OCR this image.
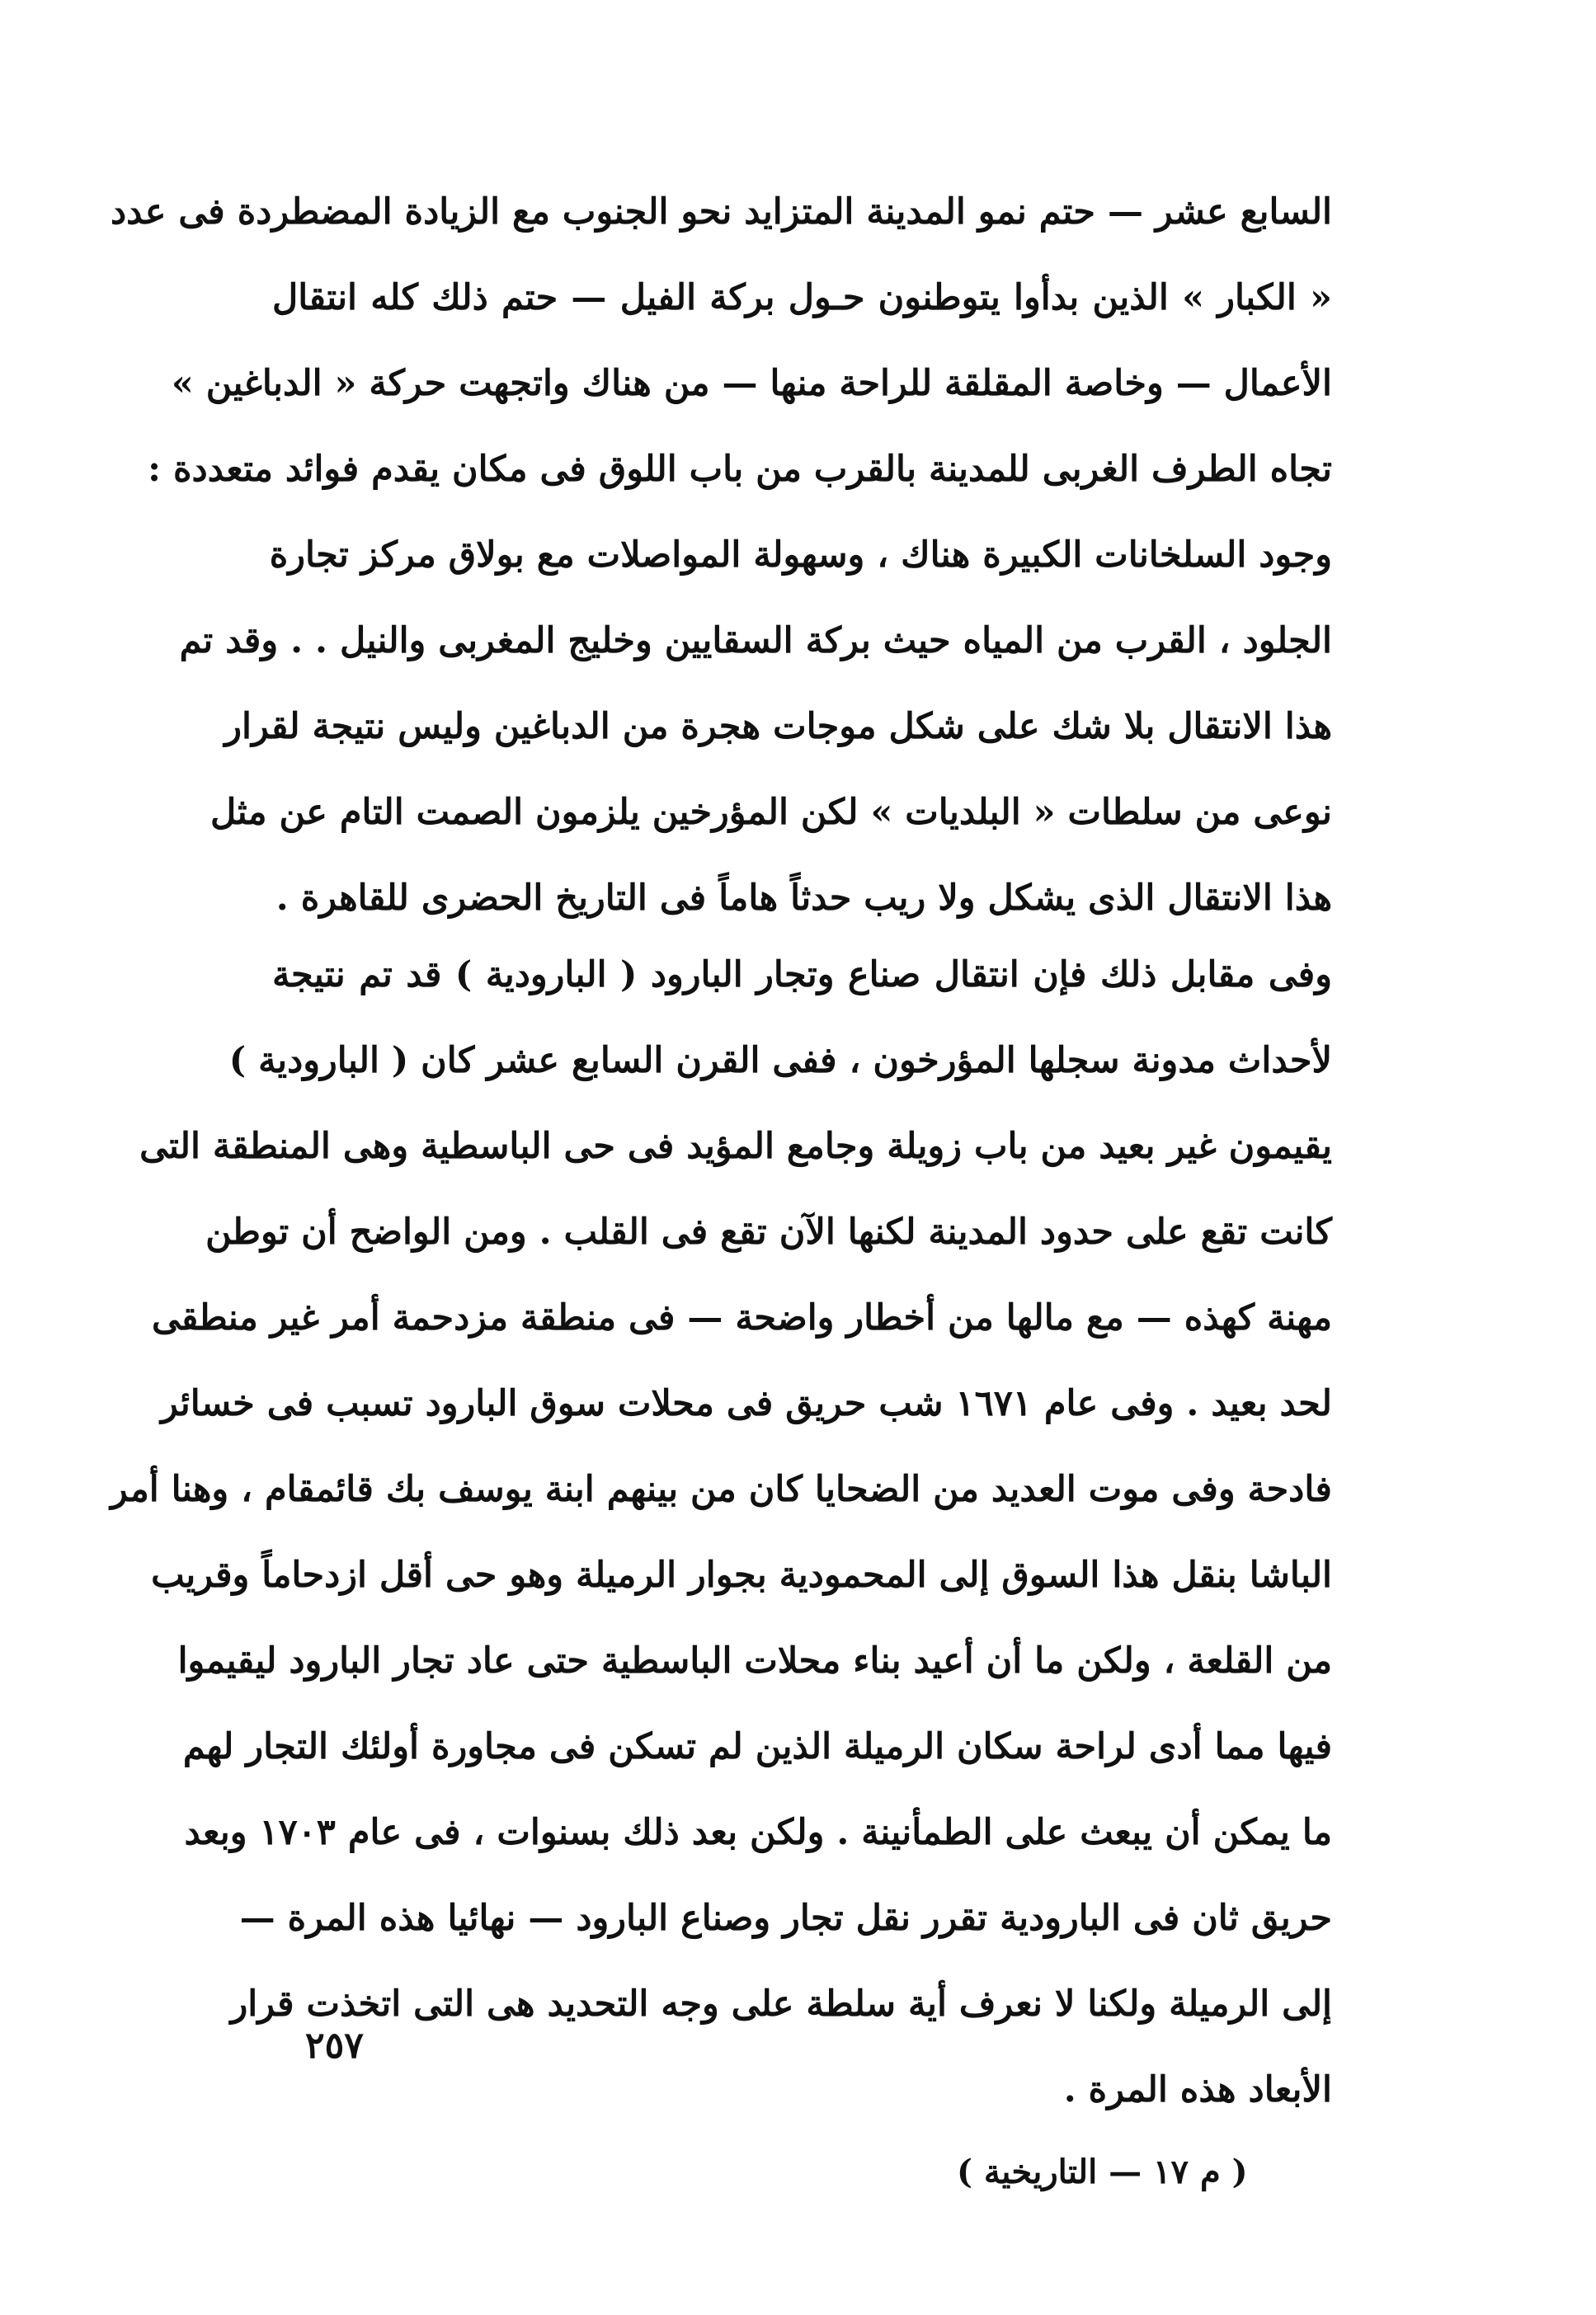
السابع عشر — حتم نمو المدينة المتزايد نحو الجنوب مع الزيادة المضطردة فى عدد
« الكبار » الذين بدأوا يتوطنون حـول بركة الفيل — حتم ذلك كله انتقال
الأعمال — وخاصة المقلقة للراحة منها — من هناك واتجهت حركة « الدباغين »
تجاه الطرف الغربى للمدينة بالقرب من باب اللوق فى مكان يقدم فوائد متعددة :
وجود السلخانات الكبيرة هناك ، وسهولة المواصلات مع بولاق مركز تجارة
الجلود ، القرب من المياه حيث بركة السقايين وخليج المغربى والنيل . . وقد تم
هذا الانتقال بلا شك على شكل موجات هجرة من الدباغين وليس نتيجة لقرار
نوعى من سلطات « البلديات » لكن المؤرخين يلزمون الصمت التام عن مثل
هذا الانتقال الذى يشكل ولا ريب حدثاً هاماً فى التاريخ الحضرى للقاهرة .
وفى مقابل ذلك فإن انتقال صناع وتجار البارود ( البارودية ) قد تم نتيجة
لأحداث مدونة سجلها المؤرخون ، ففى القرن السابع عشر كان ( البارودية )
يقيمون غير بعيد من باب زويلة وجامع المؤيد فى حى الباسطية وهى المنطقة التى
كانت تقع على حدود المدينة لكنها الآن تقع فى القلب . ومن الواضح أن توطن
مهنة كهذه — مع مالها من أخطار واضحة — فى منطقة مزدحمة أمر غير منطقى
لحد بعيد . وفى عام ١٦٧١ شب حريق فى محلات سوق البارود تسبب فى خسائر
فادحة وفى موت العديد من الضحايا كان من بينهم ابنة يوسف بك قائمقام ، وهنا أمر
الباشا بنقل هذا السوق إلى المحمودية بجوار الرميلة وهو حى أقل ازدحاماً وقريب
من القلعة ، ولكن ما أن أعيد بناء محلات الباسطية حتى عاد تجار البارود ليقيموا
فيها مما أدى لراحة سكان الرميلة الذين لم تسكن فى مجاورة أولئك التجار لهم
ما يمكن أن يبعث على الطمأنينة . ولكن بعد ذلك بسنوات ، فى عام ١٧٠٣ وبعد
حريق ثان فى البارودية تقرر نقل تجار وصناع البارود — نهائيا هذه المرة —
إلى الرميلة ولكنا لا نعرف أية سلطة على وجه التحديد هى التى اتخذت قرار
الأبعاد هذه المرة .

٢٥٧

( م ١٧ — التاريخية )
